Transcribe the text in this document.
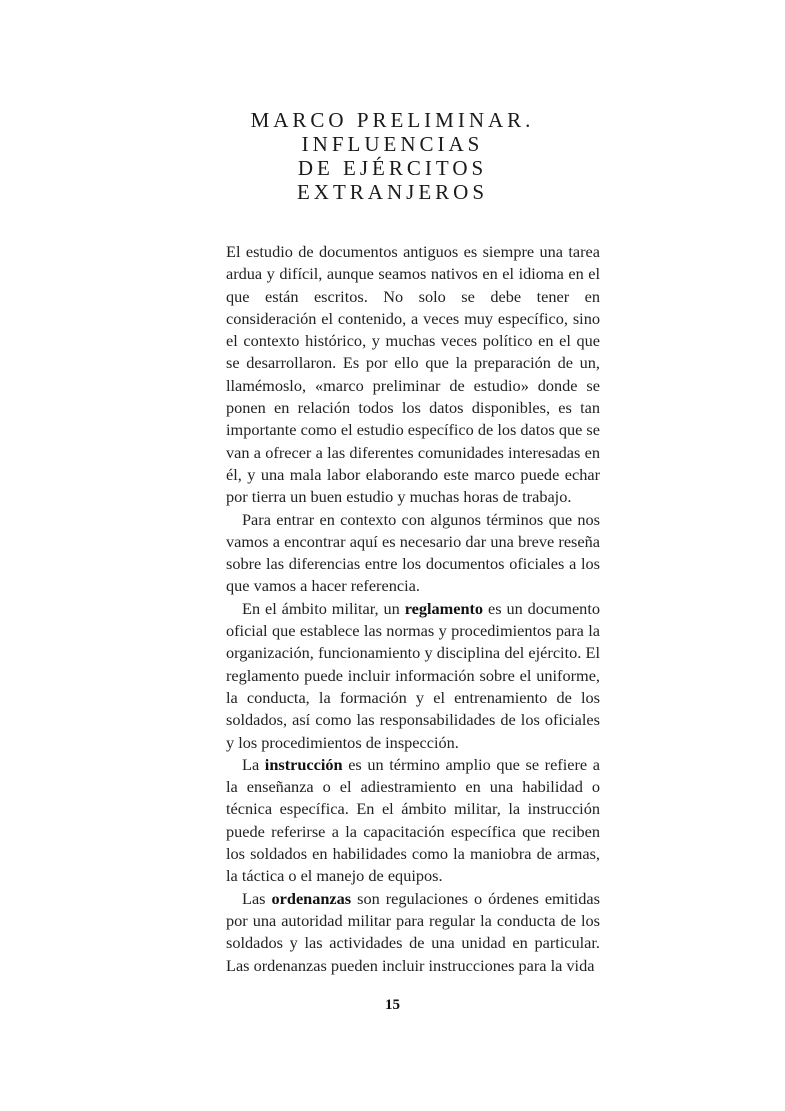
MARCO PRELIMINAR.
INFLUENCIAS
DE EJÉRCITOS
EXTRANJEROS

El estudio de documentos antiguos es siempre una tarea ardua y difícil, aunque seamos nativos en el idioma en el que están escritos. No solo se debe tener en consideración el contenido, a veces muy específico, sino el contexto histórico, y muchas veces político en el que se desarrollaron. Es por ello que la preparación de un, llamémoslo, «marco preliminar de estudio» donde se ponen en relación todos los datos disponibles, es tan importante como el estudio específico de los datos que se van a ofrecer a las diferentes comunidades interesadas en él, y una mala labor elaborando este marco puede echar por tierra un buen estudio y muchas horas de trabajo.

Para entrar en contexto con algunos términos que nos vamos a encontrar aquí es necesario dar una breve reseña sobre las diferencias entre los documentos oficiales a los que vamos a hacer referencia.

En el ámbito militar, un reglamento es un documento oficial que establece las normas y procedimientos para la organización, funcionamiento y disciplina del ejército. El reglamento puede incluir información sobre el uniforme, la conducta, la formación y el entrenamiento de los soldados, así como las responsabilidades de los oficiales y los procedimientos de inspección.

La instrucción es un término amplio que se refiere a la enseñanza o el adiestramiento en una habilidad o técnica específica. En el ámbito militar, la instrucción puede referirse a la capacitación específica que reciben los soldados en habilidades como la maniobra de armas, la táctica o el manejo de equipos.

Las ordenanzas son regulaciones o órdenes emitidas por una autoridad militar para regular la conducta de los soldados y las actividades de una unidad en particular. Las ordenanzas pueden incluir instrucciones para la vida

15
